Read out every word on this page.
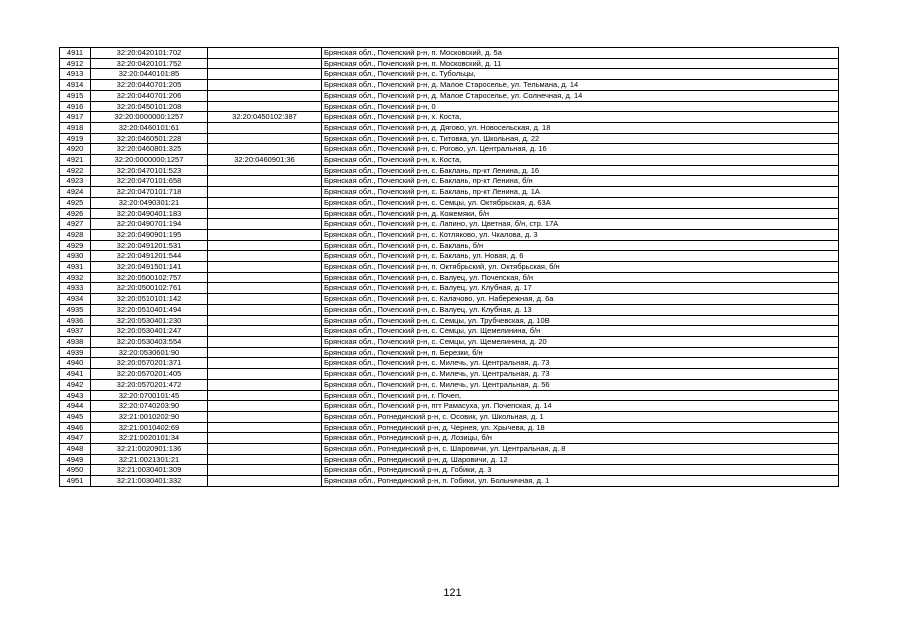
4911	32:20:0420101:702		Брянская обл., Почепский р-н, п. Московский, д. 5а
4912	32:20:0420101:752		Брянская обл., Почепский р-н, п. Московский, д. 11
4913	32:20:0440101:85		Брянская обл., Почепский р-н, с. Тубольцы,
4914	32:20:0440701:205		Брянская обл., Почепский р-н, д. Малое Староселье, ул. Тельмана, д. 14
4915	32:20:0440701:206		Брянская обл., Почепский р-н, д. Малое Староселье, ул. Солнечная, д. 14
4916	32:20:0450101:208		Брянская обл., Почепский р-н, 0
4917	32:20:0000000:1257	32:20:0450102:387	Брянская обл., Почепский р-н, х. Коста,
4918	32:20:0460101:61		Брянская обл., Почепский р-н, д. Дягово, ул. Новосельская, д. 18
4919	32:20:0460501:228		Брянская обл., Почепский р-н, с. Титовка, ул. Школьная, д. 22
4920	32:20:0460801:325		Брянская обл., Почепский р-н, с. Рогово, ул. Центральная, д. 16
4921	32:20:0000000:1257	32:20:0460901:36	Брянская обл., Почепский р-н, х. Коста,
4922	32:20:0470101:523		Брянская обл., Почепский р-н, с. Баклань, пр-кт Ленина, д. 16
4923	32:20:0470101:658		Брянская обл., Почепский р-н, с. Баклань, пр-кт Ленина, б/н
4924	32:20:0470101:718		Брянская обл., Почепский р-н, с. Баклань, пр-кт Ленина, д. 1А
4925	32:20:0490301:21		Брянская обл., Почепский р-н, с. Семцы, ул. Октябрьская, д. 63А
4926	32:20:0490401:183		Брянская обл., Почепский р-н, д. Кожемяки, б/н
4927	32:20:0490701:194		Брянская обл., Почепский р-н, с. Лапино, ул. Цветная, б/н, стр. 17А
4928	32:20:0490901:195		Брянская обл., Почепский р-н, с. Котляково, ул. Чкалова, д. 3
4929	32:20:0491201:531		Брянская обл., Почепский р-н, с. Баклань, б/н
4930	32:20:0491201:544		Брянская обл., Почепский р-н, с. Баклань, ул. Новая, д. 6
4931	32:20:0491501:141		Брянская обл., Почепский р-н, п. Октябрьский, ул. Октябрьская, б/н
4932	32:20:0500102:757		Брянская обл., Почепский р-н, с. Валуец, ул. Почепская, б/н
4933	32:20:0500102:761		Брянская обл., Почепский р-н, с. Валуец, ул. Клубная, д. 17
4934	32:20:0510101:142		Брянская обл., Почепский р-н, с. Калачово, ул. Набережная, д. 6а
4935	32:20:0510401:494		Брянская обл., Почепский р-н, с. Валуец, ул. Клубная, д. 13
4936	32:20:0530401:230		Брянская обл., Почепский р-н, с. Семцы, ул. Трубчевская, д. 10В
4937	32:20:0530401:247		Брянская обл., Почепский р-н, с. Семцы, ул. Щемелинина, б/н
4938	32:20:0530403:554		Брянская обл., Почепский р-н, с. Семцы, ул. Щемелинина, д. 20
4939	32:20:0530601:90		Брянская обл., Почепский р-н, п. Березки, б/н
4940	32:20:0570201:371		Брянская обл., Почепский р-н, с. Милечь, ул. Центральная, д. 73
4941	32:20:0570201:405		Брянская обл., Почепский р-н, с. Милечь, ул. Центральная, д. 73
4942	32:20:0570201:472		Брянская обл., Почепский р-н, с. Милечь, ул. Центральная, д. 56
4943	32:20:0700101:45		Брянская обл., Почепский р-н, г. Почеп,
4944	32:20:0740203:90		Брянская обл., Почепский р-н, пгт Рамасуха, ул. Почепская, д. 14
4945	32:21:0010202:90		Брянская обл., Рогнединский р-н, с. Осовик, ул. Школьная, д. 1
4946	32:21:0010402:69		Брянская обл., Рогнединский р-н, д. Чернея, ул. Хрычева, д. 18
4947	32:21:0020101:34		Брянская обл., Рогнединский р-н, д. Лозицы, б/н
4948	32:21:0020901:136		Брянская обл., Рогнединский р-н, с. Шаровичи, ул. Центральная, д. 8
4949	32:21:0021301:21		Брянская обл., Рогнединский р-н, д. Шаровичи, д. 12
4950	32:21:0030401:309		Брянская обл., Рогнединский р-н, д. Гобики, д. 3
4951	32:21:0030401:332		Брянская обл., Рогнединский р-н, п. Гобики, ул. Больничная, д. 1
121
